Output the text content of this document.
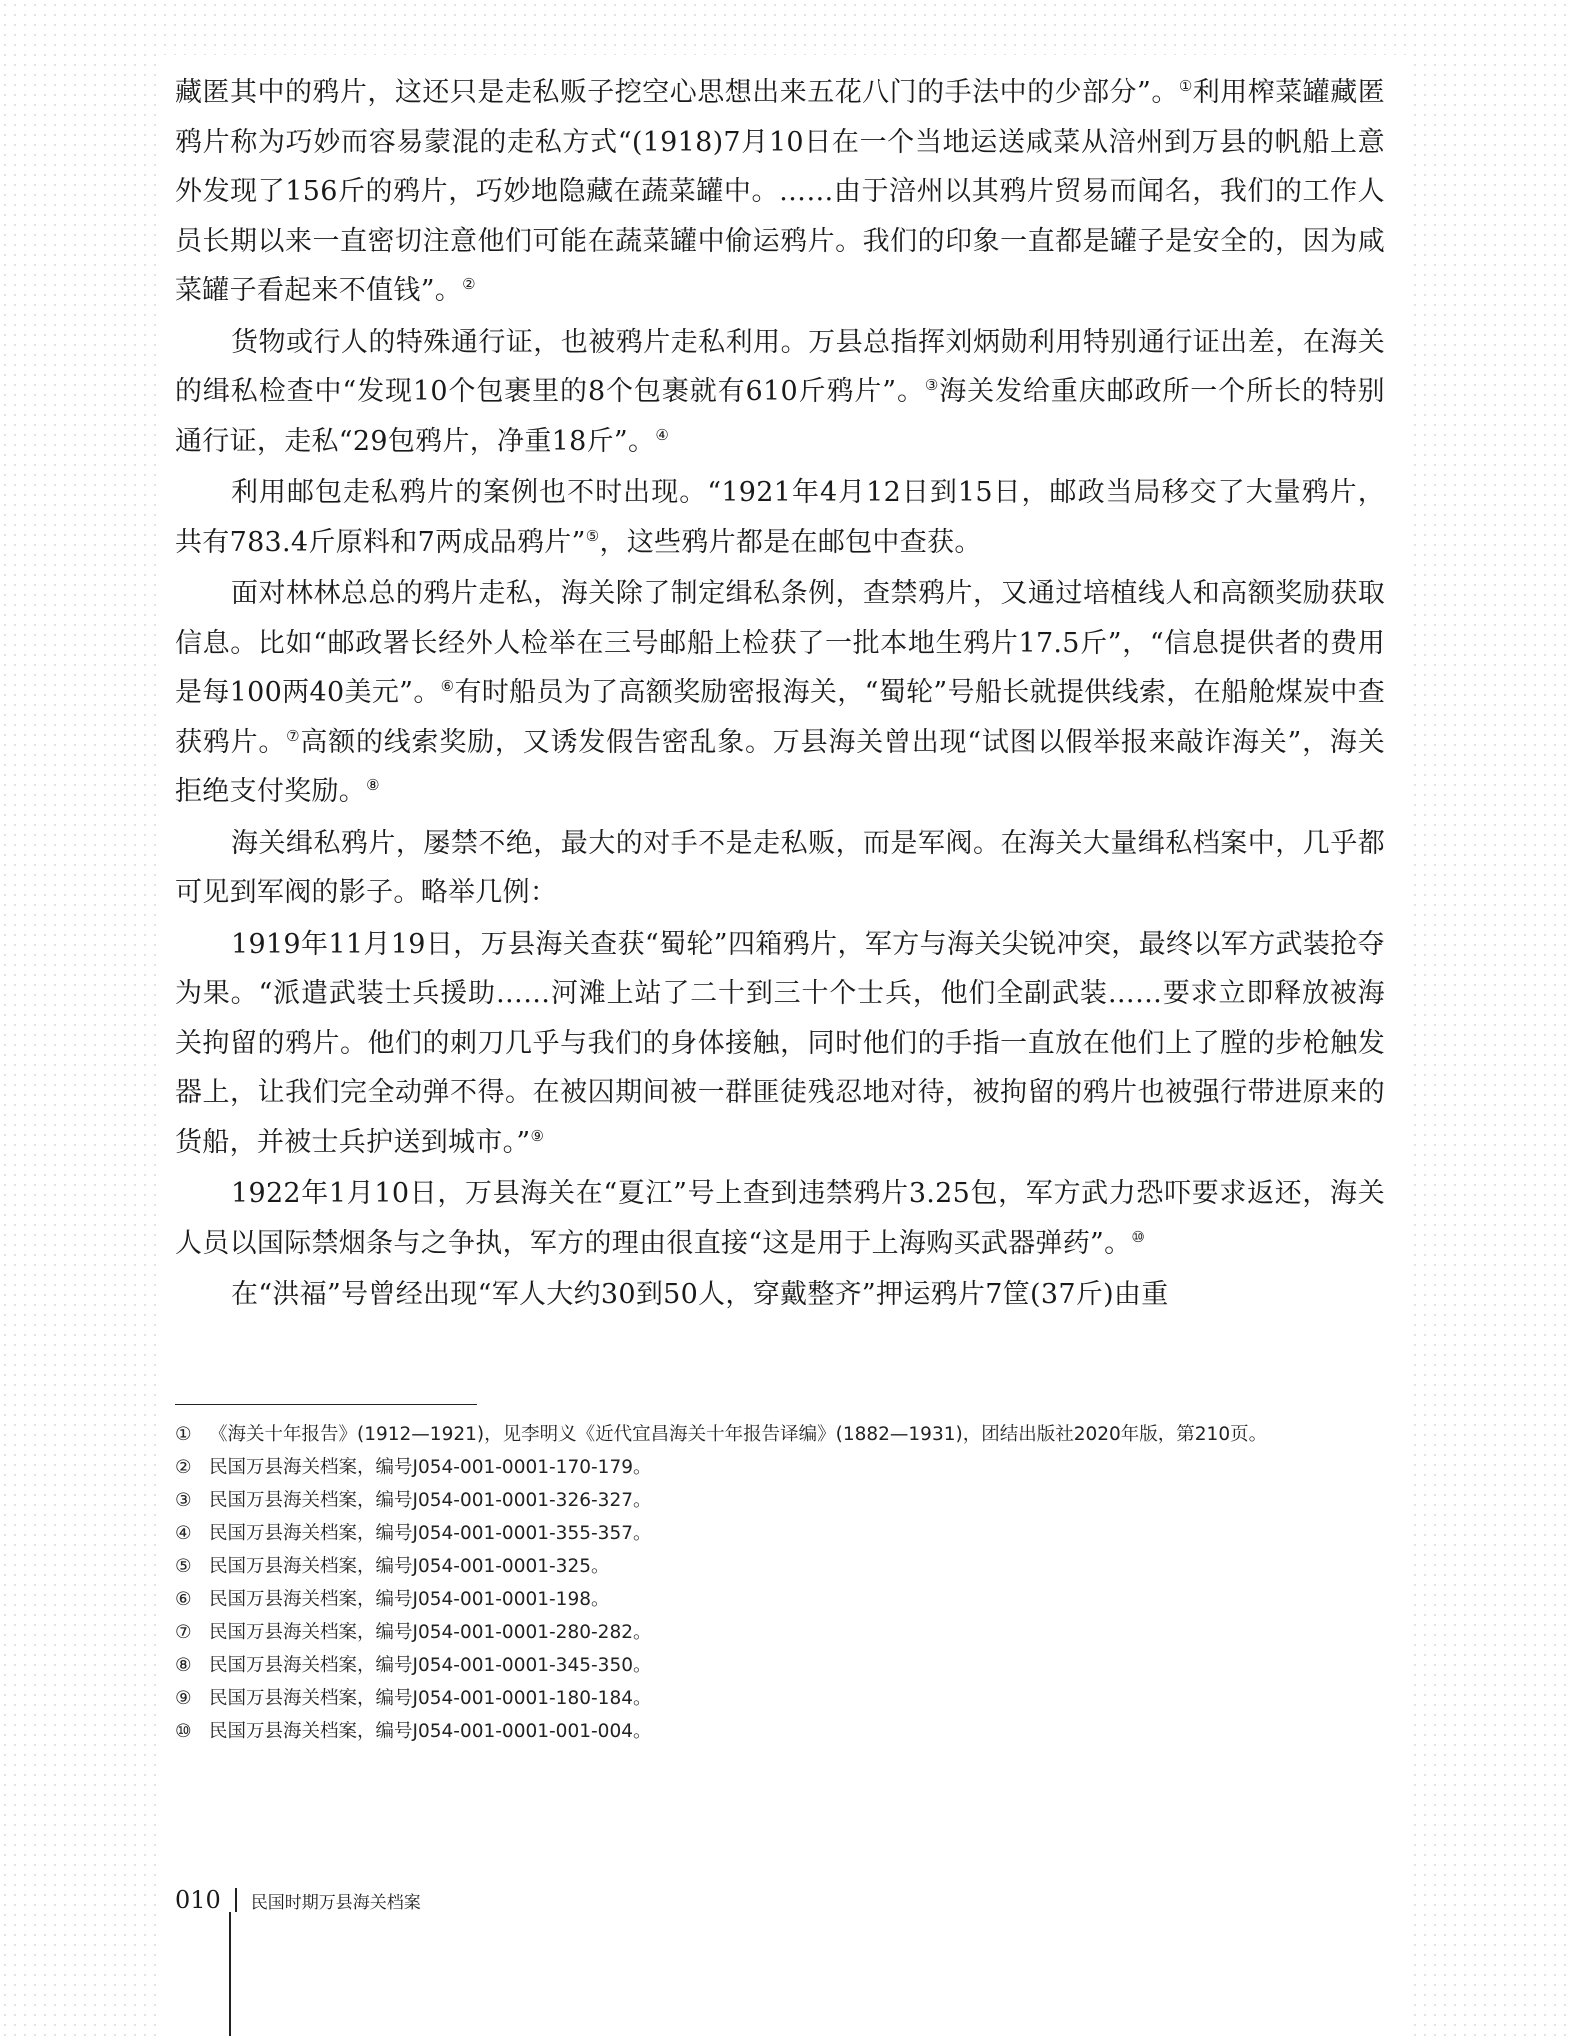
藏匿其中的鸦片，这还只是走私贩子挖空心思想出来五花八门的手法中的少部分”。①利用榨菜罐藏匿鸦片称为巧妙而容易蒙混的走私方式“(1918)7月10日在一个当地运送咸菜从涪州到万县的帆船上意外发现了156斤的鸦片，巧妙地隐藏在蔬菜罐中。……由于涪州以其鸦片贸易而闻名，我们的工作人员长期以来一直密切注意他们可能在蔬菜罐中偷运鸦片。我们的印象一直都是罐子是安全的，因为咸菜罐子看起来不值钱”。②

货物或行人的特殊通行证，也被鸦片走私利用。万县总指挥刘炳勋利用特别通行证出差，在海关的缉私检查中“发现10个包裹里的8个包裹就有610斤鸦片”。③海关发给重庆邮政所一个所长的特别通行证，走私“29包鸦片，净重18斤”。④

利用邮包走私鸦片的案例也不时出现。“1921年4月12日到15日，邮政当局移交了大量鸦片，共有783.4斤原料和7两成品鸦片”⑤，这些鸦片都是在邮包中查获。

面对林林总总的鸦片走私，海关除了制定缉私条例，查禁鸦片，又通过培植线人和高额奖励获取信息。比如“邮政署长经外人检举在三号邮船上检获了一批本地生鸦片17.5斤”，“信息提供者的费用是每100两40美元”。⑥有时船员为了高额奖励密报海关，“蜀轮”号船长就提供线索，在船舱煤炭中查获鸦片。⑦高额的线索奖励，又诱发假告密乱象。万县海关曾出现“试图以假举报来敲诈海关”，海关拒绝支付奖励。⑧

海关缉私鸦片，屡禁不绝，最大的对手不是走私贩，而是军阀。在海关大量缉私档案中，几乎都可见到军阀的影子。略举几例：

1919年11月19日，万县海关查获“蜀轮”四箱鸦片，军方与海关尖锐冲突，最终以军方武装抢夺为果。“派遣武装士兵援助……河滩上站了二十到三十个士兵，他们全副武装……要求立即释放被海关拘留的鸦片。他们的刺刀几乎与我们的身体接触，同时他们的手指一直放在他们上了膛的步枪触发器上，让我们完全动弹不得。在被囚期间被一群匪徒残忍地对待，被拘留的鸦片也被强行带进原来的货船，并被士兵护送到城市。”⑨

1922年1月10日，万县海关在“夏江”号上查到违禁鸦片3.25包，军方武力恐吓要求返还，海关人员以国际禁烟条与之争执，军方的理由很直接“这是用于上海购买武器弹药”。⑩

在“洪福”号曾经出现“军人大约30到50人，穿戴整齐”押运鸦片7筐(37斤)由重

① 《海关十年报告》(1912—1921)，见李明义《近代宜昌海关十年报告译编》(1882—1931)，团结出版社2020年版，第210页。

② 民国万县海关档案，编号J054-001-0001-170-179。

③ 民国万县海关档案，编号J054-001-0001-326-327。

④ 民国万县海关档案，编号J054-001-0001-355-357。

⑤ 民国万县海关档案，编号J054-001-0001-325。

⑥ 民国万县海关档案，编号J054-001-0001-198。

⑦ 民国万县海关档案，编号J054-001-0001-280-282。

⑧ 民国万县海关档案，编号J054-001-0001-345-350。

⑨ 民国万县海关档案，编号J054-001-0001-180-184。

⑩ 民国万县海关档案，编号J054-001-0001-001-004。

010 民国时期万县海关档案
